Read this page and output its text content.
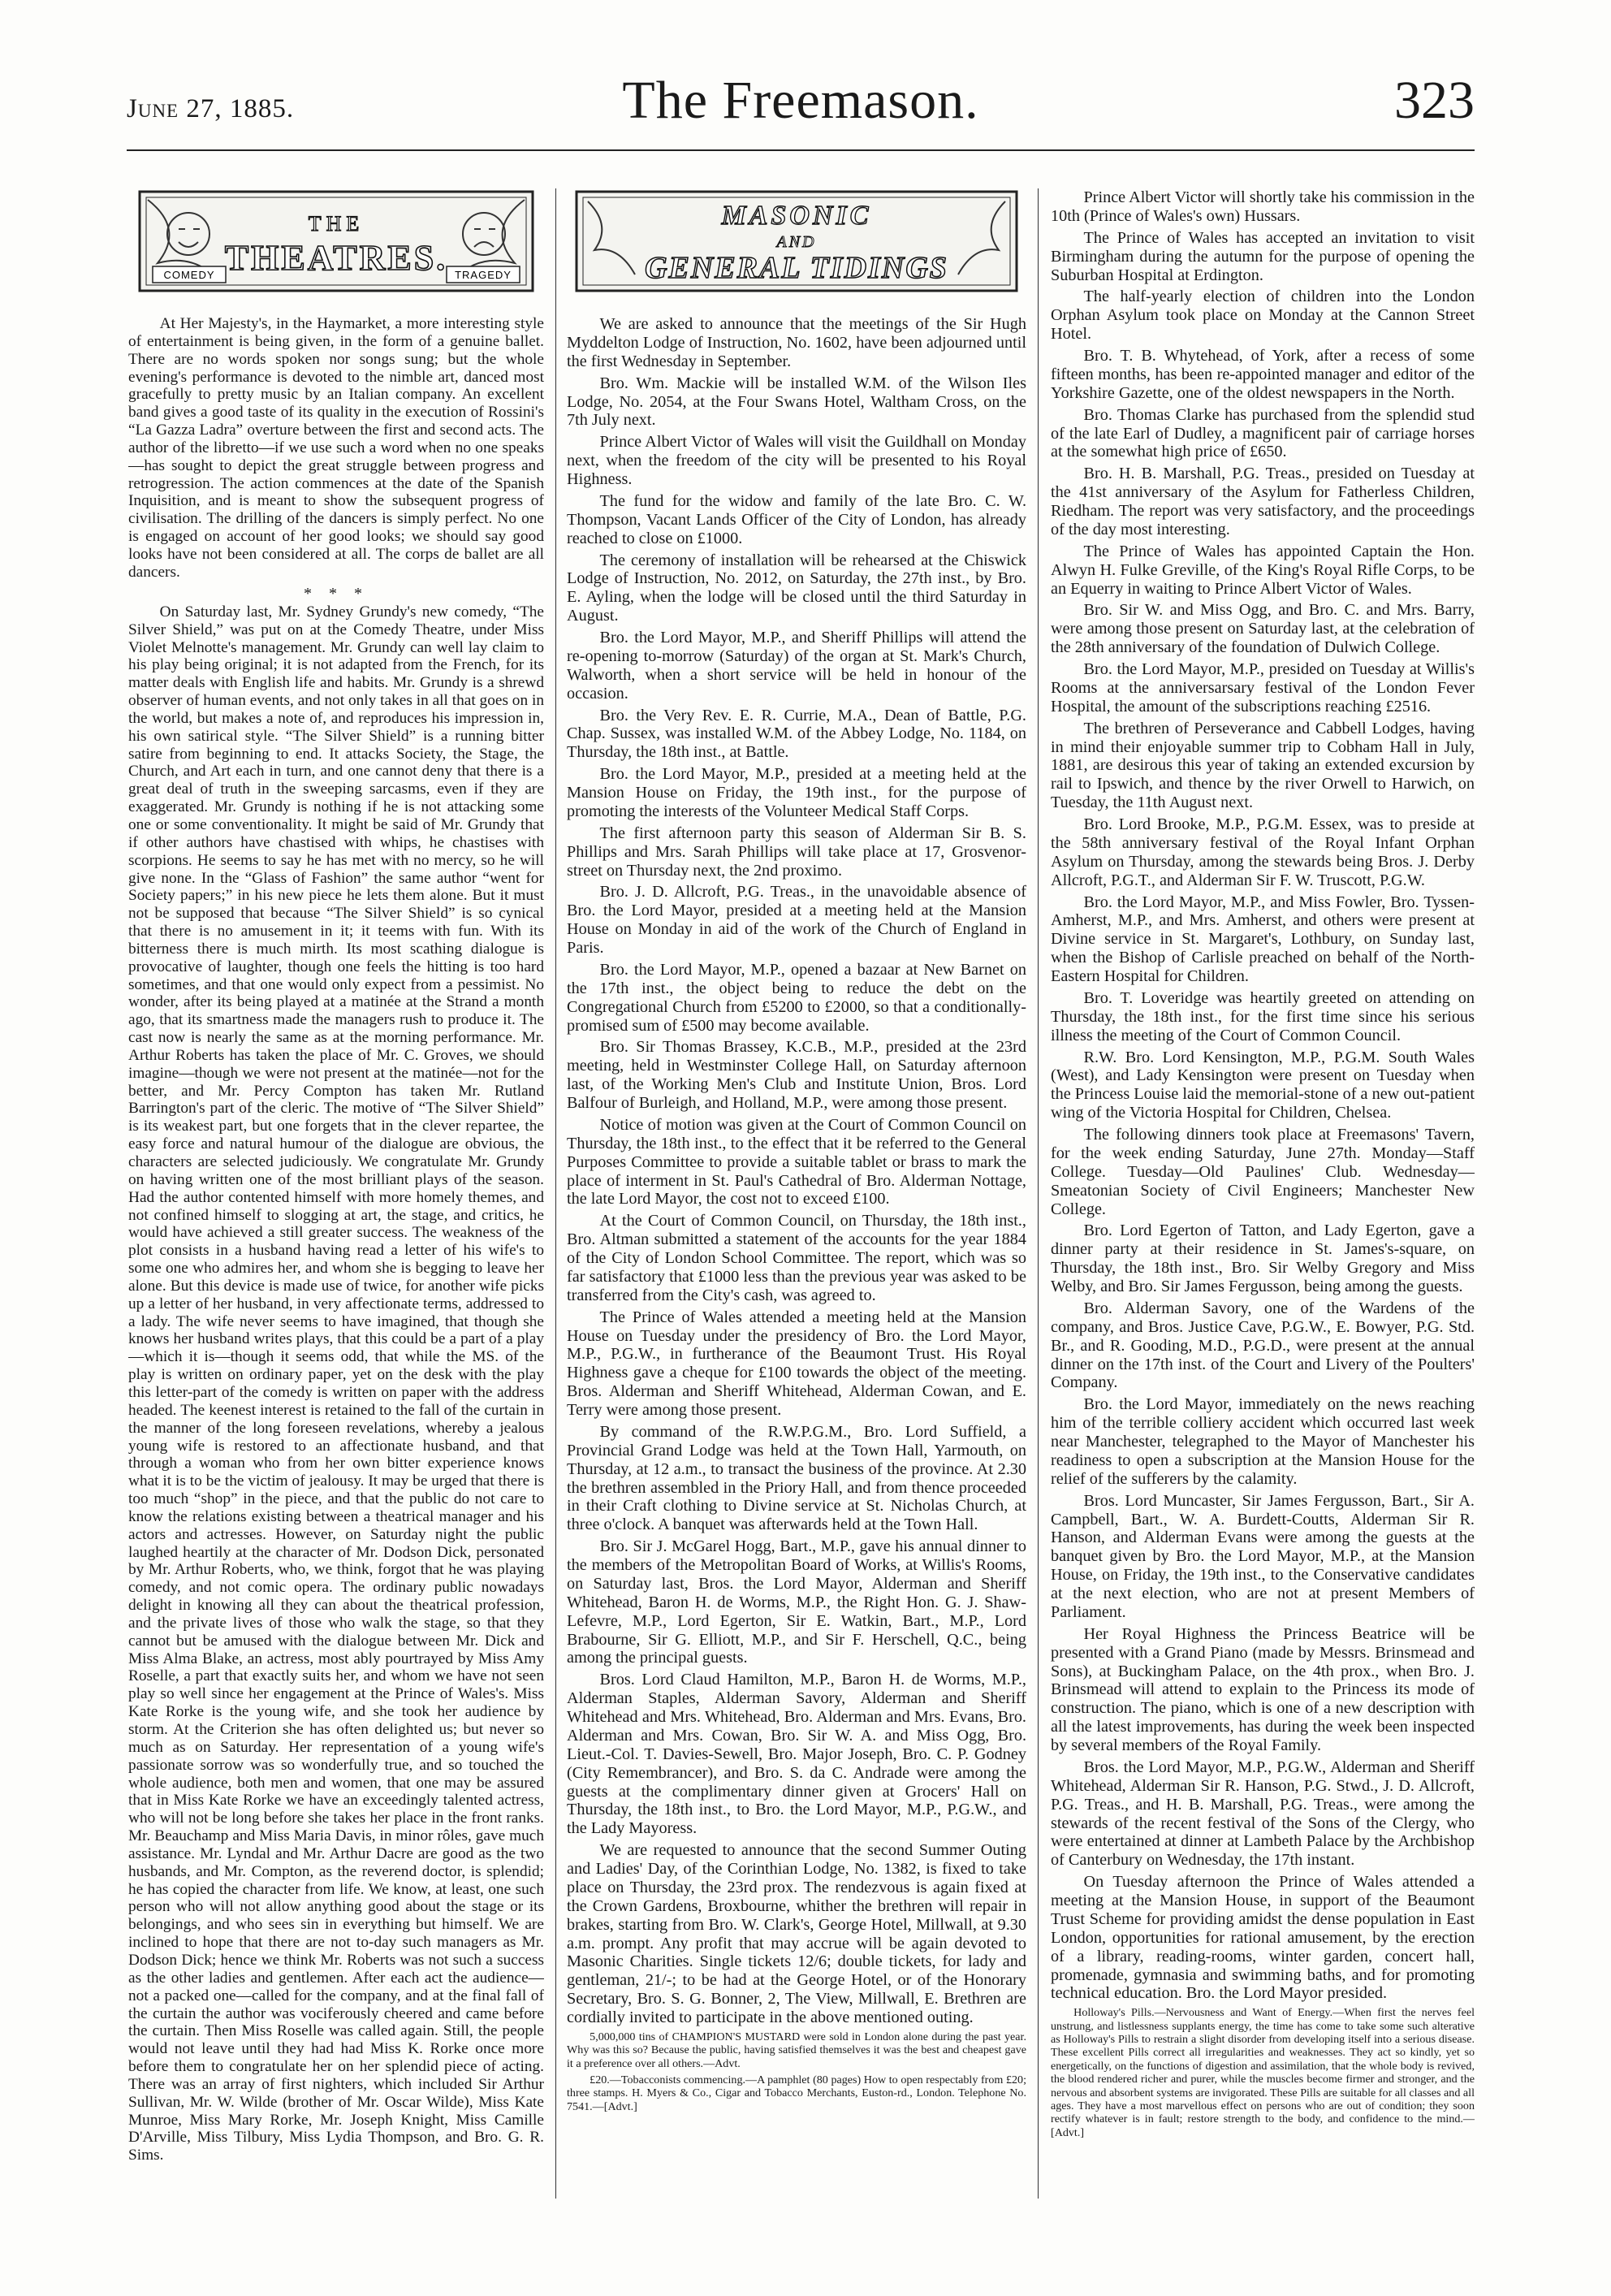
June 27, 1885.	The Freemason.	323
COMEDY	TRAGEDY
THE
THEATRES.

At Her Majesty's, in the Haymarket, a more interesting style of entertainment is being given, in the form of a genuine ballet. There are no words spoken nor songs sung; but the whole evening's performance is devoted to the nimble art, danced most gracefully to pretty music by an Italian company. An excellent band gives a good taste of its quality in the execution of Rossini's “La Gazza Ladra” overture between the first and second acts. The author of the libretto—if we use such a word when no one speaks—has sought to depict the great struggle between progress and retrogression. The action commences at the date of the Spanish Inquisition, and is meant to show the subsequent progress of civilisation. The drilling of the dancers is simply perfect. No one is engaged on account of her good looks; we should say good looks have not been considered at all. The corps de ballet are all dancers.

* * *

On Saturday last, Mr. Sydney Grundy's new comedy, “The Silver Shield,” was put on at the Comedy Theatre, under Miss Violet Melnotte's management. Mr. Grundy can well lay claim to his play being original; it is not adapted from the French, for its matter deals with English life and habits. Mr. Grundy is a shrewd observer of human events, and not only takes in all that goes on in the world, but makes a note of, and reproduces his impression in, his own satirical style. “The Silver Shield” is a running bitter satire from beginning to end. It attacks Society, the Stage, the Church, and Art each in turn, and one cannot deny that there is a great deal of truth in the sweeping sarcasms, even if they are exaggerated. Mr. Grundy is nothing if he is not attacking some one or some conventionality. It might be said of Mr. Grundy that if other authors have chastised with whips, he chastises with scorpions. He seems to say he has met with no mercy, so he will give none. In the “Glass of Fashion” the same author “went for Society papers;” in his new piece he lets them alone. But it must not be supposed that because “The Silver Shield” is so cynical that there is no amusement in it; it teems with fun. With its bitterness there is much mirth. Its most scathing dialogue is provocative of laughter, though one feels the hitting is too hard sometimes, and that one would only expect from a pessimist. No wonder, after its being played at a matinée at the Strand a month ago, that its smartness made the managers rush to produce it. The cast now is nearly the same as at the morning performance. Mr. Arthur Roberts has taken the place of Mr. C. Groves, we should imagine—though we were not present at the matinée—not for the better, and Mr. Percy Compton has taken Mr. Rutland Barrington's part of the cleric. The motive of “The Silver Shield” is its weakest part, but one forgets that in the clever repartee, the easy force and natural humour of the dialogue are obvious, the characters are selected judiciously. We congratulate Mr. Grundy on having written one of the most brilliant plays of the season. Had the author contented himself with more homely themes, and not confined himself to slogging at art, the stage, and critics, he would have achieved a still greater success. The weakness of the plot consists in a husband having read a letter of his wife's to some one who admires her, and whom she is begging to leave her alone. But this device is made use of twice, for another wife picks up a letter of her husband, in very affectionate terms, addressed to a lady. The wife never seems to have imagined, that though she knows her husband writes plays, that this could be a part of a play—which it is—though it seems odd, that while the MS. of the play is written on ordinary paper, yet on the desk with the play this letter-part of the comedy is written on paper with the address headed. The keenest interest is retained to the fall of the curtain in the manner of the long foreseen revelations, whereby a jealous young wife is restored to an affectionate husband, and that through a woman who from her own bitter experience knows what it is to be the victim of jealousy. It may be urged that there is too much “shop” in the piece, and that the public do not care to know the relations existing between a theatrical manager and his actors and actresses. However, on Saturday night the public laughed heartily at the character of Mr. Dodson Dick, personated by Mr. Arthur Roberts, who, we think, forgot that he was playing comedy, and not comic opera. The ordinary public nowadays delight in knowing all they can about the theatrical profession, and the private lives of those who walk the stage, so that they cannot but be amused with the dialogue between Mr. Dick and Miss Alma Blake, an actress, most ably pourtrayed by Miss Amy Roselle, a part that exactly suits her, and whom we have not seen play so well since her engagement at the Prince of Wales's. Miss Kate Rorke is the young wife, and she took her audience by storm. At the Criterion she has often delighted us; but never so much as on Saturday. Her representation of a young wife's passionate sorrow was so wonderfully true, and so touched the whole audience, both men and women, that one may be assured that in Miss Kate Rorke we have an exceedingly talented actress, who will not be long before she takes her place in the front ranks. Mr. Beauchamp and Miss Maria Davis, in minor rôles, gave much assistance. Mr. Lyndal and Mr. Arthur Dacre are good as the two husbands, and Mr. Compton, as the reverend doctor, is splendid; he has copied the character from life. We know, at least, one such person who will not allow anything good about the stage or its belongings, and who sees sin in everything but himself. We are inclined to hope that there are not to-day such managers as Mr. Dodson Dick; hence we think Mr. Roberts was not such a success as the other ladies and gentlemen. After each act the audience—not a packed one—called for the company, and at the final fall of the curtain the author was vociferously cheered and came before the curtain. Then Miss Roselle was called again. Still, the people would not leave until they had had Miss K. Rorke once more before them to congratulate her on her splendid piece of acting. There was an array of first nighters, which included Sir Arthur Sullivan, Mr. W. Wilde (brother of Mr. Oscar Wilde), Miss Kate Munroe, Miss Mary Rorke, Mr. Joseph Knight, Miss Camille D'Arville, Miss Tilbury, Miss Lydia Thompson, and Bro. G. R. Sims.

MASONIC
AND
GENERAL TIDINGS

We are asked to announce that the meetings of the Sir Hugh Myddelton Lodge of Instruction, No. 1602, have been adjourned until the first Wednesday in September.

Bro. Wm. Mackie will be installed W.M. of the Wilson Iles Lodge, No. 2054, at the Four Swans Hotel, Waltham Cross, on the 7th July next.

Prince Albert Victor of Wales will visit the Guildhall on Monday next, when the freedom of the city will be presented to his Royal Highness.

The fund for the widow and family of the late Bro. C. W. Thompson, Vacant Lands Officer of the City of London, has already reached to close on £1000.

The ceremony of installation will be rehearsed at the Chiswick Lodge of Instruction, No. 2012, on Saturday, the 27th inst., by Bro. E. Ayling, when the lodge will be closed until the third Saturday in August.

Bro. the Lord Mayor, M.P., and Sheriff Phillips will attend the re-opening to-morrow (Saturday) of the organ at St. Mark's Church, Walworth, when a short service will be held in honour of the occasion.

Bro. the Very Rev. E. R. Currie, M.A., Dean of Battle, P.G. Chap. Sussex, was installed W.M. of the Abbey Lodge, No. 1184, on Thursday, the 18th inst., at Battle.

Bro. the Lord Mayor, M.P., presided at a meeting held at the Mansion House on Friday, the 19th inst., for the purpose of promoting the interests of the Volunteer Medical Staff Corps.

The first afternoon party this season of Alderman Sir B. S. Phillips and Mrs. Sarah Phillips will take place at 17, Grosvenor-street on Thursday next, the 2nd proximo.

Bro. J. D. Allcroft, P.G. Treas., in the unavoidable absence of Bro. the Lord Mayor, presided at a meeting held at the Mansion House on Monday in aid of the work of the Church of England in Paris.

Bro. the Lord Mayor, M.P., opened a bazaar at New Barnet on the 17th inst., the object being to reduce the debt on the Congregational Church from £5200 to £2000, so that a conditionally-promised sum of £500 may become available.

Bro. Sir Thomas Brassey, K.C.B., M.P., presided at the 23rd meeting, held in Westminster College Hall, on Saturday afternoon last, of the Working Men's Club and Institute Union, Bros. Lord Balfour of Burleigh, and Holland, M.P., were among those present.

Notice of motion was given at the Court of Common Council on Thursday, the 18th inst., to the effect that it be referred to the General Purposes Committee to provide a suitable tablet or brass to mark the place of interment in St. Paul's Cathedral of Bro. Alderman Nottage, the late Lord Mayor, the cost not to exceed £100.

At the Court of Common Council, on Thursday, the 18th inst., Bro. Altman submitted a statement of the accounts for the year 1884 of the City of London School Committee. The report, which was so far satisfactory that £1000 less than the previous year was asked to be transferred from the City's cash, was agreed to.

The Prince of Wales attended a meeting held at the Mansion House on Tuesday under the presidency of Bro. the Lord Mayor, M.P., P.G.W., in furtherance of the Beaumont Trust. His Royal Highness gave a cheque for £100 towards the object of the meeting. Bros. Alderman and Sheriff Whitehead, Alderman Cowan, and E. Terry were among those present.

By command of the R.W.P.G.M., Bro. Lord Suffield, a Provincial Grand Lodge was held at the Town Hall, Yarmouth, on Thursday, at 12 a.m., to transact the business of the province. At 2.30 the brethren assembled in the Priory Hall, and from thence proceeded in their Craft clothing to Divine service at St. Nicholas Church, at three o'clock. A banquet was afterwards held at the Town Hall.

Bro. Sir J. McGarel Hogg, Bart., M.P., gave his annual dinner to the members of the Metropolitan Board of Works, at Willis's Rooms, on Saturday last, Bros. the Lord Mayor, Alderman and Sheriff Whitehead, Baron H. de Worms, M.P., the Right Hon. G. J. Shaw-Lefevre, M.P., Lord Egerton, Sir E. Watkin, Bart., M.P., Lord Brabourne, Sir G. Elliott, M.P., and Sir F. Herschell, Q.C., being among the principal guests.

Bros. Lord Claud Hamilton, M.P., Baron H. de Worms, M.P., Alderman Staples, Alderman Savory, Alderman and Sheriff Whitehead and Mrs. Whitehead, Bro. Alderman and Mrs. Evans, Bro. Alderman and Mrs. Cowan, Bro. Sir W. A. and Miss Ogg, Bro. Lieut.-Col. T. Davies-Sewell, Bro. Major Joseph, Bro. C. P. Godney (City Remembrancer), and Bro. S. da C. Andrade were among the guests at the complimentary dinner given at Grocers' Hall on Thursday, the 18th inst., to Bro. the Lord Mayor, M.P., P.G.W., and the Lady Mayoress.

We are requested to announce that the second Summer Outing and Ladies' Day, of the Corinthian Lodge, No. 1382, is fixed to take place on Thursday, the 23rd prox. The rendezvous is again fixed at the Crown Gardens, Broxbourne, whither the brethren will repair in brakes, starting from Bro. W. Clark's, George Hotel, Millwall, at 9.30 a.m. prompt. Any profit that may accrue will be again devoted to Masonic Charities. Single tickets 12/6; double tickets, for lady and gentleman, 21/-; to be had at the George Hotel, or of the Honorary Secretary, Bro. S. G. Bonner, 2, The View, Millwall, E. Brethren are cordially invited to participate in the above mentioned outing.

5,000,000 tins of CHAMPION'S MUSTARD were sold in London alone during the past year. Why was this so? Because the public, having satisfied themselves it was the best and cheapest gave it a preference over all others.—Advt.

£20.—Tobacconists commencing.—A pamphlet (80 pages) How to open respectably from £20; three stamps. H. Myers & Co., Cigar and Tobacco Merchants, Euston-rd., London. Telephone No. 7541.—[Advt.]

Prince Albert Victor will shortly take his commission in the 10th (Prince of Wales's own) Hussars.

The Prince of Wales has accepted an invitation to visit Birmingham during the autumn for the purpose of opening the Suburban Hospital at Erdington.

The half-yearly election of children into the London Orphan Asylum took place on Monday at the Cannon Street Hotel.

Bro. T. B. Whytehead, of York, after a recess of some fifteen months, has been re-appointed manager and editor of the Yorkshire Gazette, one of the oldest newspapers in the North.

Bro. Thomas Clarke has purchased from the splendid stud of the late Earl of Dudley, a magnificent pair of carriage horses at the somewhat high price of £650.

Bro. H. B. Marshall, P.G. Treas., presided on Tuesday at the 41st anniversary of the Asylum for Fatherless Children, Riedham. The report was very satisfactory, and the proceedings of the day most interesting.

The Prince of Wales has appointed Captain the Hon. Alwyn H. Fulke Greville, of the King's Royal Rifle Corps, to be an Equerry in waiting to Prince Albert Victor of Wales.

Bro. Sir W. and Miss Ogg, and Bro. C. and Mrs. Barry, were among those present on Saturday last, at the celebration of the 28th anniversary of the foundation of Dulwich College.

Bro. the Lord Mayor, M.P., presided on Tuesday at Willis's Rooms at the anniversarsary festival of the London Fever Hospital, the amount of the subscriptions reaching £2516.

The brethren of Perseverance and Cabbell Lodges, having in mind their enjoyable summer trip to Cobham Hall in July, 1881, are desirous this year of taking an extended excursion by rail to Ipswich, and thence by the river Orwell to Harwich, on Tuesday, the 11th August next.

Bro. Lord Brooke, M.P., P.G.M. Essex, was to preside at the 58th anniversary festival of the Royal Infant Orphan Asylum on Thursday, among the stewards being Bros. J. Derby Allcroft, P.G.T., and Alderman Sir F. W. Truscott, P.G.W.

Bro. the Lord Mayor, M.P., and Miss Fowler, Bro. Tyssen-Amherst, M.P., and Mrs. Amherst, and others were present at Divine service in St. Margaret's, Lothbury, on Sunday last, when the Bishop of Carlisle preached on behalf of the North-Eastern Hospital for Children.

Bro. T. Loveridge was heartily greeted on attending on Thursday, the 18th inst., for the first time since his serious illness the meeting of the Court of Common Council.

R.W. Bro. Lord Kensington, M.P., P.G.M. South Wales (West), and Lady Kensington were present on Tuesday when the Princess Louise laid the memorial-stone of a new out-patient wing of the Victoria Hospital for Children, Chelsea.

The following dinners took place at Freemasons' Tavern, for the week ending Saturday, June 27th. Monday—Staff College. Tuesday—Old Paulines' Club. Wednesday—Smeatonian Society of Civil Engineers; Manchester New College.

Bro. Lord Egerton of Tatton, and Lady Egerton, gave a dinner party at their residence in St. James's-square, on Thursday, the 18th inst., Bro. Sir Welby Gregory and Miss Welby, and Bro. Sir James Fergusson, being among the guests.

Bro. Alderman Savory, one of the Wardens of the company, and Bros. Justice Cave, P.G.W., E. Bowyer, P.G. Std. Br., and R. Gooding, M.D., P.G.D., were present at the annual dinner on the 17th inst. of the Court and Livery of the Poulters' Company.

Bro. the Lord Mayor, immediately on the news reaching him of the terrible colliery accident which occurred last week near Manchester, telegraphed to the Mayor of Manchester his readiness to open a subscription at the Mansion House for the relief of the sufferers by the calamity.

Bros. Lord Muncaster, Sir James Fergusson, Bart., Sir A. Campbell, Bart., W. A. Burdett-Coutts, Alderman Sir R. Hanson, and Alderman Evans were among the guests at the banquet given by Bro. the Lord Mayor, M.P., at the Mansion House, on Friday, the 19th inst., to the Conservative candidates at the next election, who are not at present Members of Parliament.

Her Royal Highness the Princess Beatrice will be presented with a Grand Piano (made by Messrs. Brinsmead and Sons), at Buckingham Palace, on the 4th prox., when Bro. J. Brinsmead will attend to explain to the Princess its mode of construction. The piano, which is one of a new description with all the latest improvements, has during the week been inspected by several members of the Royal Family.

Bros. the Lord Mayor, M.P., P.G.W., Alderman and Sheriff Whitehead, Alderman Sir R. Hanson, P.G. Stwd., J. D. Allcroft, P.G. Treas., and H. B. Marshall, P.G. Treas., were among the stewards of the recent festival of the Sons of the Clergy, who were entertained at dinner at Lambeth Palace by the Archbishop of Canterbury on Wednesday, the 17th instant.

On Tuesday afternoon the Prince of Wales attended a meeting at the Mansion House, in support of the Beaumont Trust Scheme for providing amidst the dense population in East London, opportunities for rational amusement, by the erection of a library, reading-rooms, winter garden, concert hall, promenade, gymnasia and swimming baths, and for promoting technical education. Bro. the Lord Mayor presided.

Holloway's Pills.—Nervousness and Want of Energy.—When first the nerves feel unstrung, and listlessness supplants energy, the time has come to take some such alterative as Holloway's Pills to restrain a slight disorder from developing itself into a serious disease. These excellent Pills correct all irregularities and weaknesses. They act so kindly, yet so energetically, on the functions of digestion and assimilation, that the whole body is revived, the blood rendered richer and purer, while the muscles become firmer and stronger, and the nervous and absorbent systems are invigorated. These Pills are suitable for all classes and all ages. They have a most marvellous effect on persons who are out of condition; they soon rectify whatever is in fault; restore strength to the body, and confidence to the mind.—[Advt.]
